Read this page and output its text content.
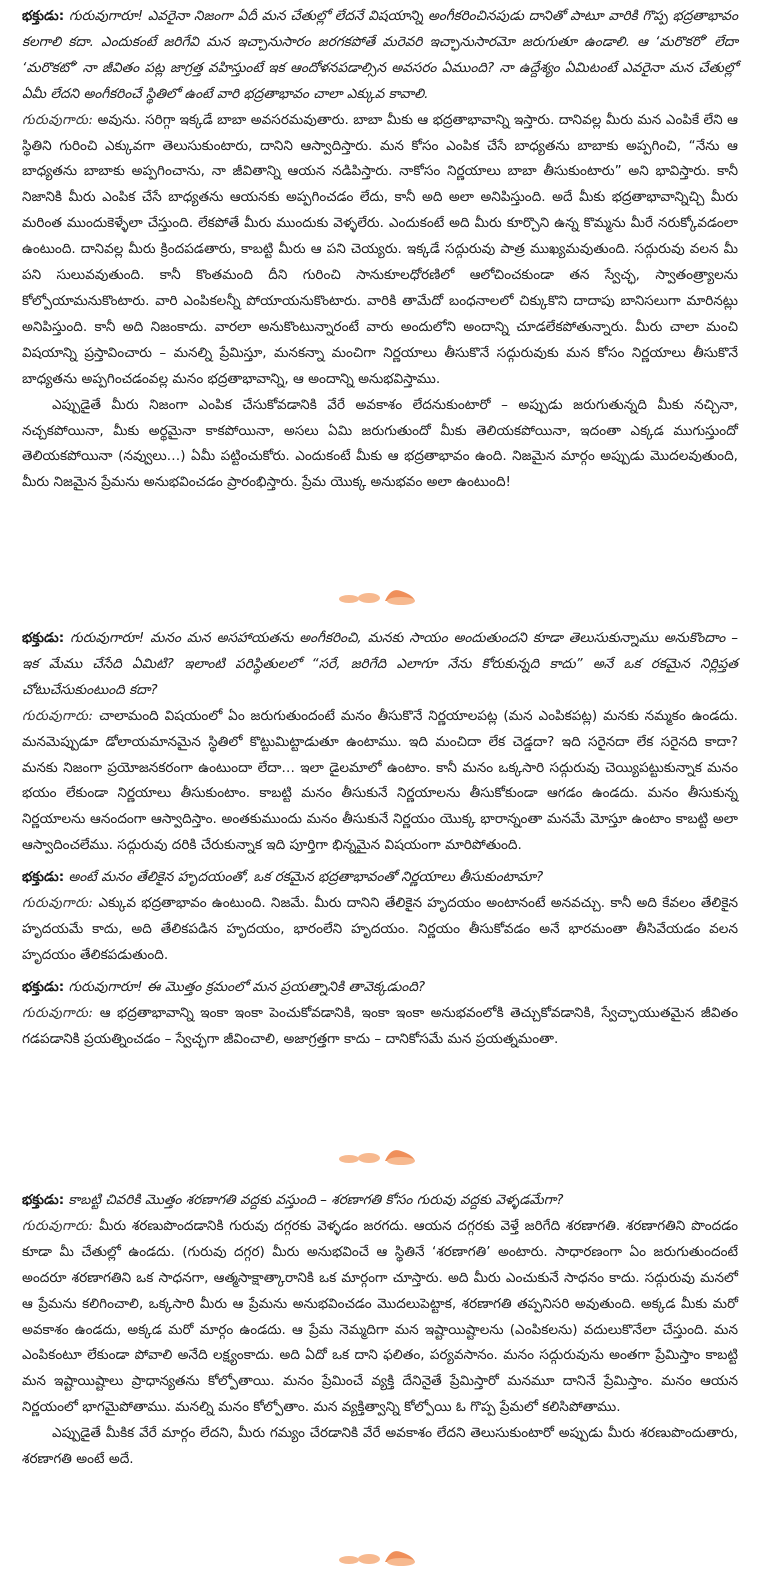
భక్తుడు: గురువుగారూ! ఎవరైనా నిజంగా ఏదీ మన చేతుల్లో లేదనే విషయాన్ని అంగీకరించినపుడు దానితో పాటూ వారికి గొప్ప భద్రతాభావం కలగాలి కదా. ఎందుకంటే జరిగేవి మన ఇచ్చానుసారం జరగకపోతే మరెవరి ఇచ్ఛానుసారమో జరుగుతూ ఉండాలి. ఆ ‘మరొకరో’ లేదా ‘మరొకటో’ నా జీవితం పట్ల జాగ్రత్త వహిస్తుంటే ఇక ఆందోళనపడాల్సిన అవసరం ఏముంది? నా ఉద్దేశ్యం ఏమిటంటే ఎవరైనా మన చేతుల్లో ఏమీ లేదని అంగీకరించే స్థితిలో ఉంటే వారి భద్రతాభావం చాలా ఎక్కువ కావాలి.

గురువుగారు: అవును. సరిగ్గా ఇక్కడే బాబా అవసరమవుతారు. బాబా మీకు ఆ భద్రతాభావాన్ని ఇస్తారు. దానివల్ల మీరు మన ఎంపికే లేని ఆ స్థితిని గురించి ఎక్కువగా తెలుసుకుంటారు, దానిని ఆస్వాదిస్తారు. మన కోసం ఎంపిక చేసే బాధ్యతను బాబాకు అప్పగించి, “నేను ఆ బాధ్యతను బాబాకు అప్పగించాను, నా జీవితాన్ని ఆయన నడిపిస్తారు. నాకోసం నిర్ణయాలు బాబా తీసుకుంటారు” అని భావిస్తారు. కానీ నిజానికి మీరు ఎంపిక చేసే బాధ్యతను ఆయనకు అప్పగించడం లేదు, కానీ అది అలా అనిపిస్తుంది. అదే మీకు భద్రతాభావాన్నిచ్చి మీరు మరింత ముందుకెళ్ళేలా చేస్తుంది. లేకపోతే మీరు ముందుకు వెళ్ళలేరు. ఎందుకంటే అది మీరు కూర్చొని ఉన్న కొమ్మను మీరే నరుక్కోవడంలా ఉంటుంది. దానివల్ల మీరు క్రిందపడతారు, కాబట్టి మీరు ఆ పని చెయ్యరు. ఇక్కడే సద్గురువు పాత్ర ముఖ్యమవుతుంది. సద్గురువు వలన మీ పని సులువవుతుంది. కానీ కొంతమంది దీని గురించి సానుకూలధోరణిలో ఆలోచించకుండా తన స్వేచ్ఛ, స్వాతంత్ర్యాలను కోల్పోయామనుకొంటారు. వారి ఎంపికలన్నీ పోయాయనుకొంటారు. వారికి తామేదో బంధనాలలో చిక్కుకొని దాదాపు బానిసలుగా మారినట్లు అనిపిస్తుంది. కానీ అది నిజంకాదు. వారలా అనుకొంటున్నారంటే వారు అందులోని అందాన్ని చూడలేకపోతున్నారు. మీరు చాలా మంచి విషయాన్ని ప్రస్తావించారు – మనల్ని ప్రేమిస్తూ, మనకన్నా మంచిగా నిర్ణయాలు తీసుకొనే సద్గురువుకు మన కోసం నిర్ణయాలు తీసుకొనే బాధ్యతను అప్పగించడంవల్ల మనం భద్రతాభావాన్ని, ఆ అందాన్ని అనుభవిస్తాము.

ఎప్పుడైతే మీరు నిజంగా ఎంపిక చేసుకోవడానికి వేరే అవకాశం లేదనుకుంటారో – అప్పుడు జరుగుతున్నది మీకు నచ్చినా, నచ్చకపోయినా, మీకు అర్థమైనా కాకపోయినా, అసలు ఏమి జరుగుతుందో మీకు తెలియకపోయినా, ఇదంతా ఎక్కడ ముగుస్తుందో తెలియకపోయినా (నవ్వులు…) ఏమీ పట్టించుకోరు. ఎందుకంటే మీకు ఆ భద్రతాభావం ఉంది. నిజమైన మార్గం అప్పుడు మొదలవుతుంది, మీరు నిజమైన ప్రేమను అనుభవించడం ప్రారంభిస్తారు. ప్రేమ యొక్క అనుభవం అలా ఉంటుంది!

భక్తుడు: గురువుగారూ! మనం మన అసహాయతను అంగీకరించి, మనకు సాయం అందుతుందని కూడా తెలుసుకున్నాము అనుకొందాం – ఇక మేము చేసేది ఏమిటి? ఇలాంటి పరిస్థితులలో “సరే, జరిగేది ఎలాగూ నేను కోరుకున్నది కాదు” అనే ఒక రకమైన నిర్లిప్తత చోటుచేసుకుంటుంది కదా?

గురువుగారు: చాలామంది విషయంలో ఏం జరుగుతుందంటే మనం తీసుకొనే నిర్ణయాలపట్ల (మన ఎంపికపట్ల) మనకు నమ్మకం ఉండదు. మనమెప్పుడూ డోలాయమానమైన స్థితిలో కొట్టుమిట్టాడుతూ ఉంటాము. ఇది మంచిదా లేక చెడ్డదా? ఇది సరైనదా లేక సరైనది కాదా? మనకు నిజంగా ప్రయోజనకరంగా ఉంటుందా లేదా… ఇలా డైలమాలో ఉంటాం. కానీ మనం ఒక్కసారి సద్గురువు చెయ్యిపట్టుకున్నాక మనం భయం లేకుండా నిర్ణయాలు తీసుకుంటాం. కాబట్టి మనం తీసుకునే నిర్ణయాలను తీసుకోకుండా ఆగడం ఉండదు. మనం తీసుకున్న నిర్ణయాలను ఆనందంగా ఆస్వాదిస్తాం. అంతకుముందు మనం తీసుకునే నిర్ణయం యొక్క భారాన్నంతా మనమే మోస్తూ ఉంటాం కాబట్టి అలా ఆస్వాదించలేము. సద్గురువు దరికి చేరుకున్నాక ఇది పూర్తిగా భిన్నమైన విషయంగా మారిపోతుంది.

భక్తుడు: అంటే మనం తేలికైన హృదయంతో, ఒక రకమైన భద్రతాభావంతో నిర్ణయాలు తీసుకుంటామా?

గురువుగారు: ఎక్కువ భద్రతాభావం ఉంటుంది. నిజమే. మీరు దానిని తేలికైన హృదయం అంటానంటే అనవచ్చు. కానీ అది కేవలం తేలికైన హృదయమే కాదు, అది తేలికపడిన హృదయం, భారంలేని హృదయం. నిర్ణయం తీసుకోవడం అనే భారమంతా తీసివేయడం వలన హృదయం తేలికపడుతుంది.

భక్తుడు: గురువుగారూ! ఈ మొత్తం క్రమంలో మన ప్రయత్నానికి తావెక్కడుంది?

గురువుగారు: ఆ భద్రతాభావాన్ని ఇంకా ఇంకా పెంచుకోవడానికి, ఇంకా ఇంకా అనుభవంలోకి తెచ్చుకోవడానికి, స్వేచ్ఛాయుతమైన జీవితం గడపడానికి ప్రయత్నించడం – స్వేచ్ఛగా జీవించాలి, అజాగ్రత్తగా కాదు – దానికోసమే మన ప్రయత్నమంతా.

భక్తుడు: కాబట్టి చివరికి మొత్తం శరణాగతి వద్దకు వస్తుంది – శరణాగతి కోసం గురువు వద్దకు వెళ్ళడమేగా?

గురువుగారు: మీరు శరణుపొందడానికి గురువు దగ్గరకు వెళ్ళడం జరగదు. ఆయన దగ్గరకు వెళ్తే జరిగేది శరణాగతి. శరణాగతిని పొందడం కూడా మీ చేతుల్లో ఉండదు. (గురువు దగ్గర) మీరు అనుభవించే ఆ స్థితినే ‘శరణాగతి’ అంటారు. సాధారణంగా ఏం జరుగుతుందంటే అందరూ శరణాగతిని ఒక సాధనగా, ఆత్మసాక్షాత్కారానికి ఒక మార్గంగా చూస్తారు. అది మీరు ఎంచుకునే సాధనం కాదు. సద్గురువు మనలో ఆ ప్రేమను కలిగించాలి, ఒక్కసారి మీరు ఆ ప్రేమను అనుభవించడం మొదలుపెట్టాక, శరణాగతి తప్పనిసరి అవుతుంది. అక్కడ మీకు మరో అవకాశం ఉండదు, అక్కడ మరో మార్గం ఉండదు. ఆ ప్రేమ నెమ్మదిగా మన ఇష్టాయిష్టాలను (ఎంపికలను) వదులుకొనేలా చేస్తుంది. మన ఎంపికంటూ లేకుండా పోవాలి అనేది లక్ష్యంకాదు. అది ఏదో ఒక దాని ఫలితం, పర్యవసానం. మనం సద్గురువును అంతగా ప్రేమిస్తాం కాబట్టి మన ఇష్టాయిష్టాలు ప్రాధాన్యతను కోల్పోతాయి. మనం ప్రేమించే వ్యక్తి దేనినైతే ప్రేమిస్తారో మనమూ దానినే ప్రేమిస్తాం. మనం ఆయన నిర్ణయంలో భాగమైపోతాము. మనల్ని మనం కోల్పోతాం. మన వ్యక్తిత్వాన్ని కోల్పోయి ఓ గొప్ప ప్రేమలో కలిసిపోతాము.

ఎప్పుడైతే మీకిక వేరే మార్గం లేదని, మీరు గమ్యం చేరడానికి వేరే అవకాశం లేదని తెలుసుకుంటారో అప్పుడు మీరు శరణుపొందుతారు, శరణాగతి అంటే అదే.
